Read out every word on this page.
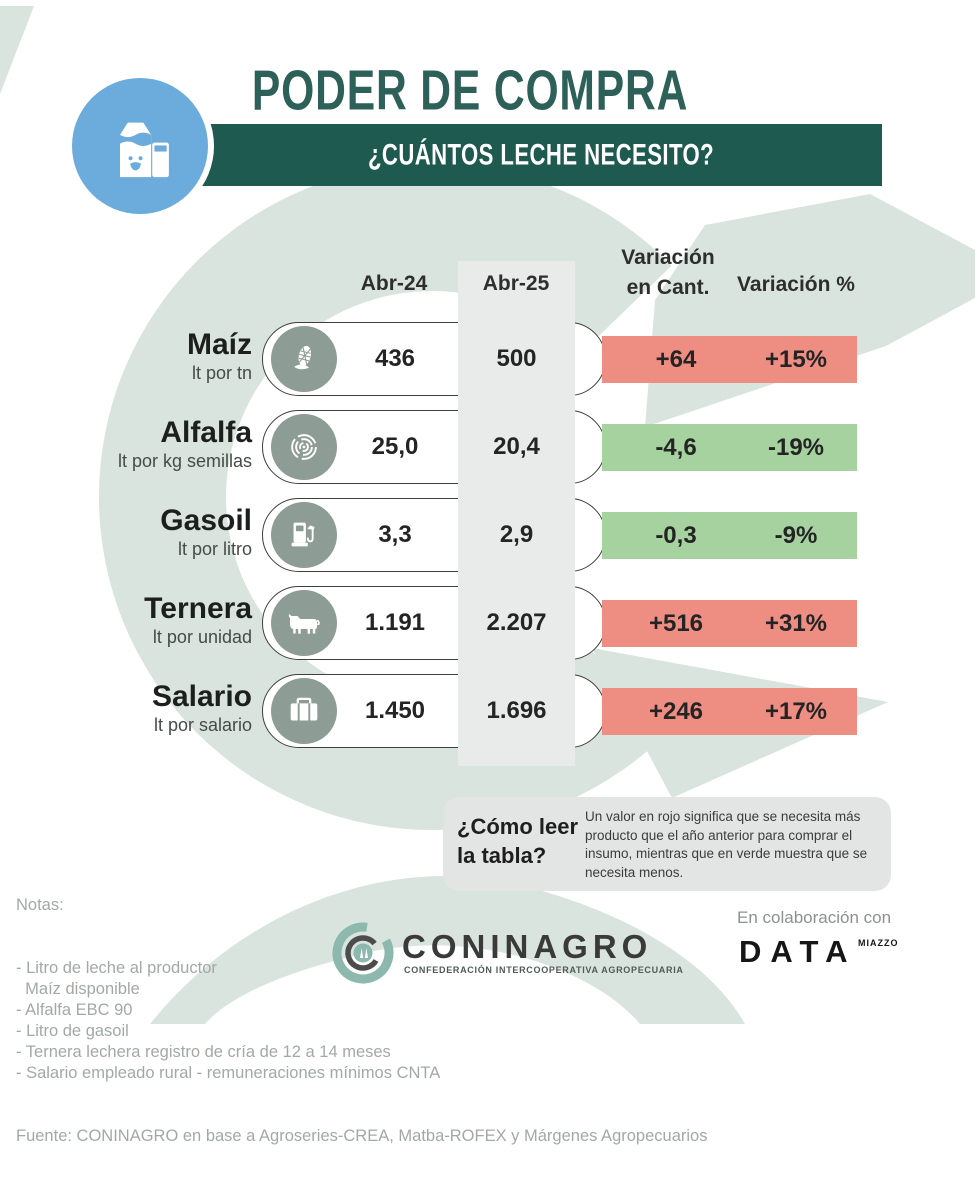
PODER DE COMPRA
¿CUÁNTOS LECHE NECESITO?
Abr-24	Abr-25
Variación
en Cant.	Variación %
Maíz
lt por tn
436	500	+64	+15%
Alfalfa
lt por kg semillas
25,0	20,4	-4,6	-19%
Gasoil
lt por litro
3,3	2,9	-0,3	-9%
Ternera
lt por unidad
1.191	2.207	+516	+31%
Salario
lt por salario
1.450	1.696	+246	+17%
¿Cómo leer
la tabla?
Un valor en rojo significa que se necesita más producto que el año anterior para comprar el insumo, mientras que en verde muestra que se necesita menos.

Notas:

- Litro de leche al productor
Maíz disponible
- Alfalfa EBC 90
- Litro de gasoil
- Ternera lechera registro de cría de 12 a 14 meses
- Salario empleado rural - remuneraciones mínimos CNTA

Fuente: CONINAGRO en base a Agroseries-CREA, Matba-ROFEX y Márgenes Agropecuarios

CONINAGRO
CONFEDERACIÓN INTERCOOPERATIVA AGROPECUARIA
En colaboración con
DATA MIAZZO
